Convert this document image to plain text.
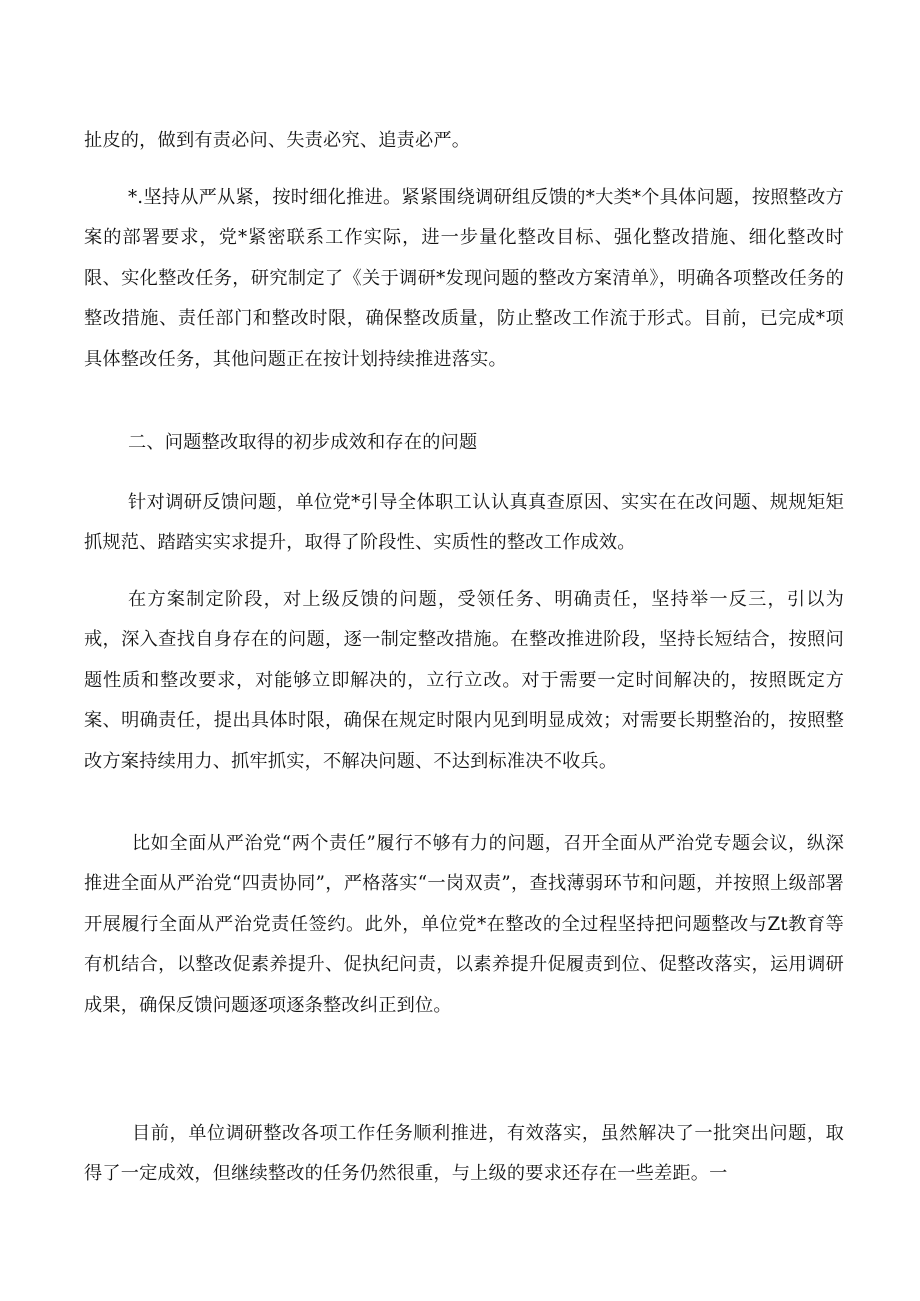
扯皮的，做到有责必问、失责必究、追责必严。

*.坚持从严从紧，按时细化推进。紧紧围绕调研组反馈的*大类*个具体问题，按照整改方案的部署要求，党*紧密联系工作实际，进一步量化整改目标、强化整改措施、细化整改时限、实化整改任务，研究制定了《关于调研*发现问题的整改方案清单》，明确各项整改任务的整改措施、责任部门和整改时限，确保整改质量，防止整改工作流于形式。目前，已完成*项具体整改任务，其他问题正在按计划持续推进落实。

二、问题整改取得的初步成效和存在的问题

针对调研反馈问题，单位党*引导全体职工认认真真查原因、实实在在改问题、规规矩矩抓规范、踏踏实实求提升，取得了阶段性、实质性的整改工作成效。

在方案制定阶段，对上级反馈的问题，受领任务、明确责任，坚持举一反三，引以为戒，深入查找自身存在的问题，逐一制定整改措施。在整改推进阶段，坚持长短结合，按照问题性质和整改要求，对能够立即解决的，立行立改。对于需要一定时间解决的，按照既定方案、明确责任，提出具体时限，确保在规定时限内见到明显成效；对需要长期整治的，按照整改方案持续用力、抓牢抓实，不解决问题、不达到标准决不收兵。

比如全面从严治党“两个责任”履行不够有力的问题，召开全面从严治党专题会议，纵深推进全面从严治党“四责协同”，严格落实“一岗双责”，查找薄弱环节和问题，并按照上级部署开展履行全面从严治党责任签约。此外，单位党*在整改的全过程坚持把问题整改与Zt教育等有机结合，以整改促素养提升、促执纪问责，以素养提升促履责到位、促整改落实，运用调研成果，确保反馈问题逐项逐条整改纠正到位。

目前，单位调研整改各项工作任务顺利推进，有效落实，虽然解决了一批突出问题，取得了一定成效，但继续整改的任务仍然很重，与上级的要求还存在一些差距。一
